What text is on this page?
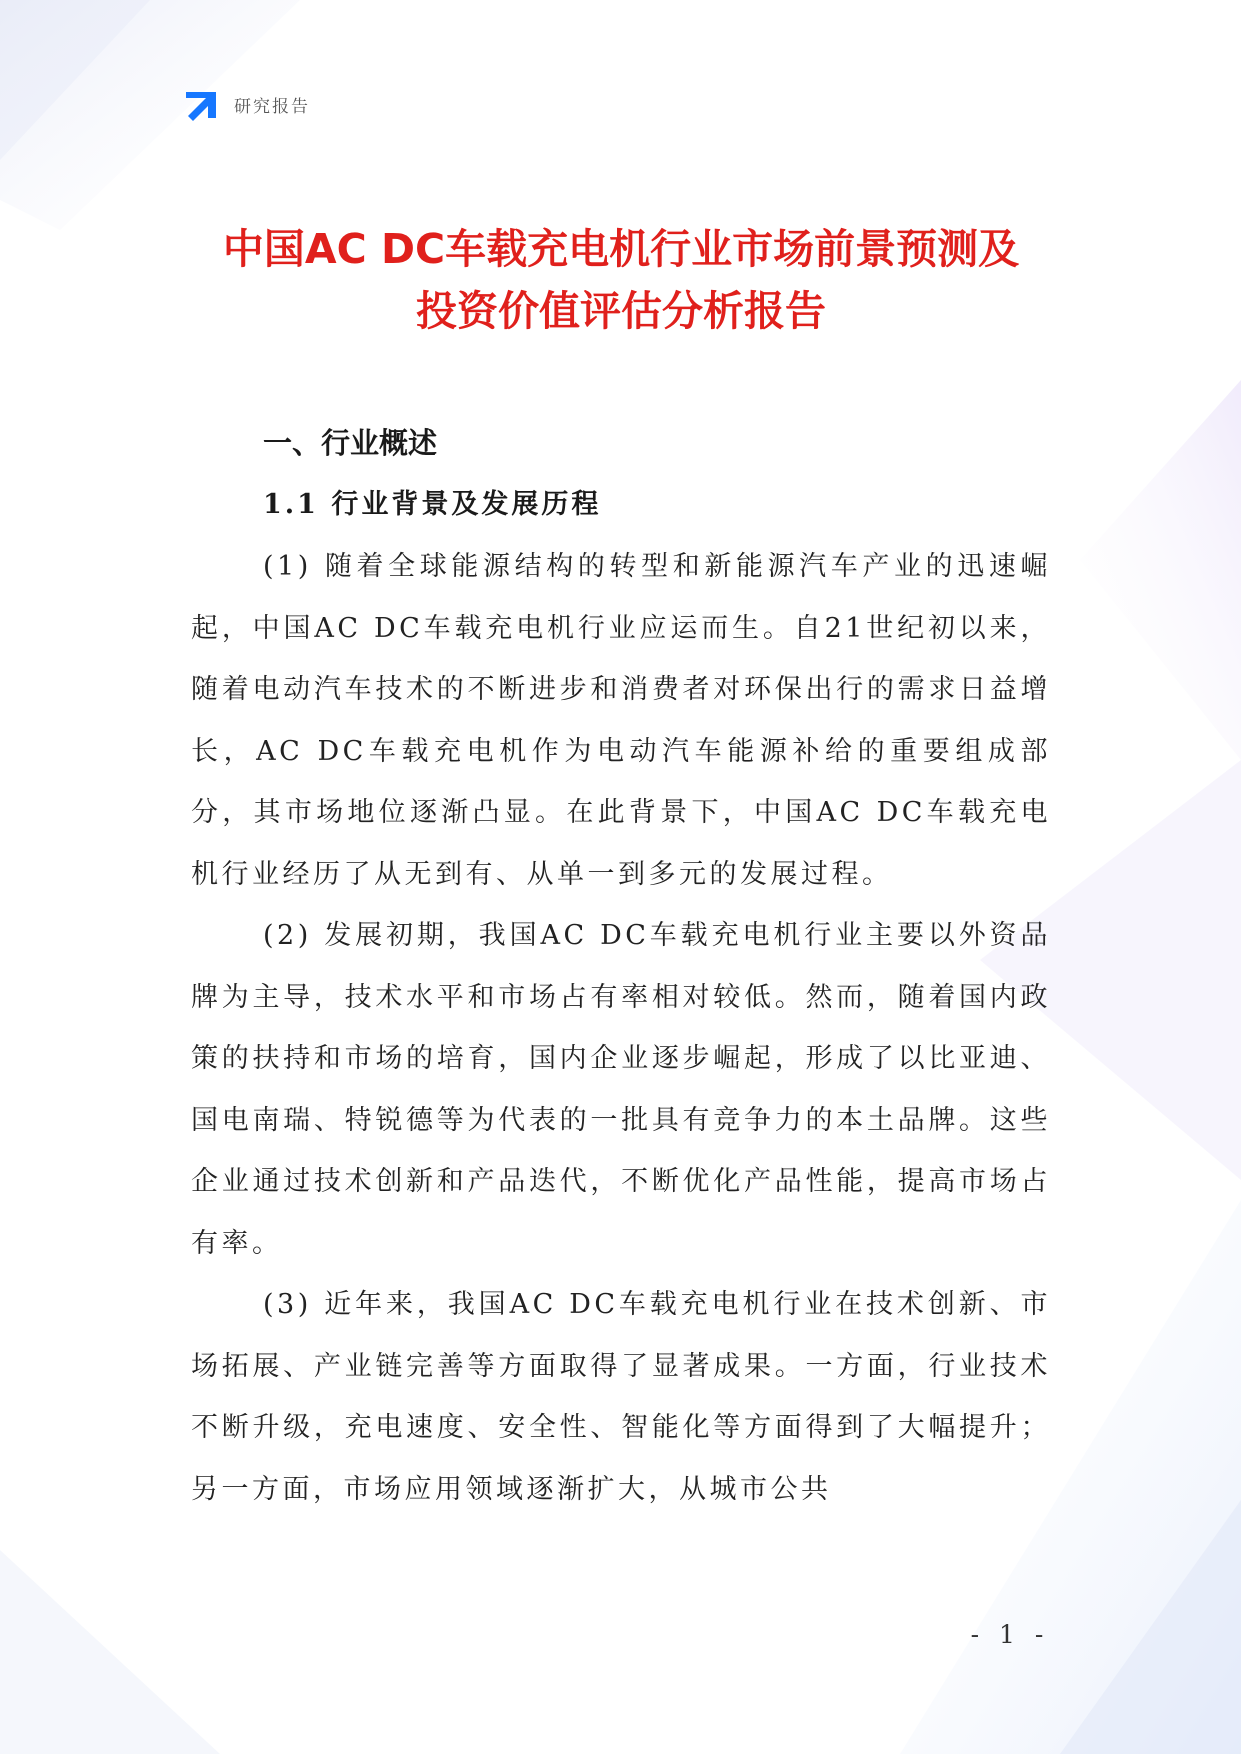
研究报告
中国AC DC车载充电机行业市场前景预测及
投资价值评估分析报告
一、行业概述
1.1 行业背景及发展历程

(1) 随着全球能源结构的转型和新能源汽车产业的迅速崛起，中国AC DC车载充电机行业应运而生。自21世纪初以来，随着电动汽车技术的不断进步和消费者对环保出行的需求日益增长，AC DC车载充电机作为电动汽车能源补给的重要组成部分，其市场地位逐渐凸显。在此背景下，中国AC DC车载充电机行业经历了从无到有、从单一到多元的发展过程。

(2) 发展初期，我国AC DC车载充电机行业主要以外资品牌为主导，技术水平和市场占有率相对较低。然而，随着国内政策的扶持和市场的培育，国内企业逐步崛起，形成了以比亚迪、国电南瑞、特锐德等为代表的一批具有竞争力的本土品牌。这些企业通过技术创新和产品迭代，不断优化产品性能，提高市场占有率。

(3) 近年来，我国AC DC车载充电机行业在技术创新、市场拓展、产业链完善等方面取得了显著成果。一方面，行业技术不断升级，充电速度、安全性、智能化等方面得到了大幅提升；另一方面，市场应用领域逐渐扩大，从城市公共

- 1 -
